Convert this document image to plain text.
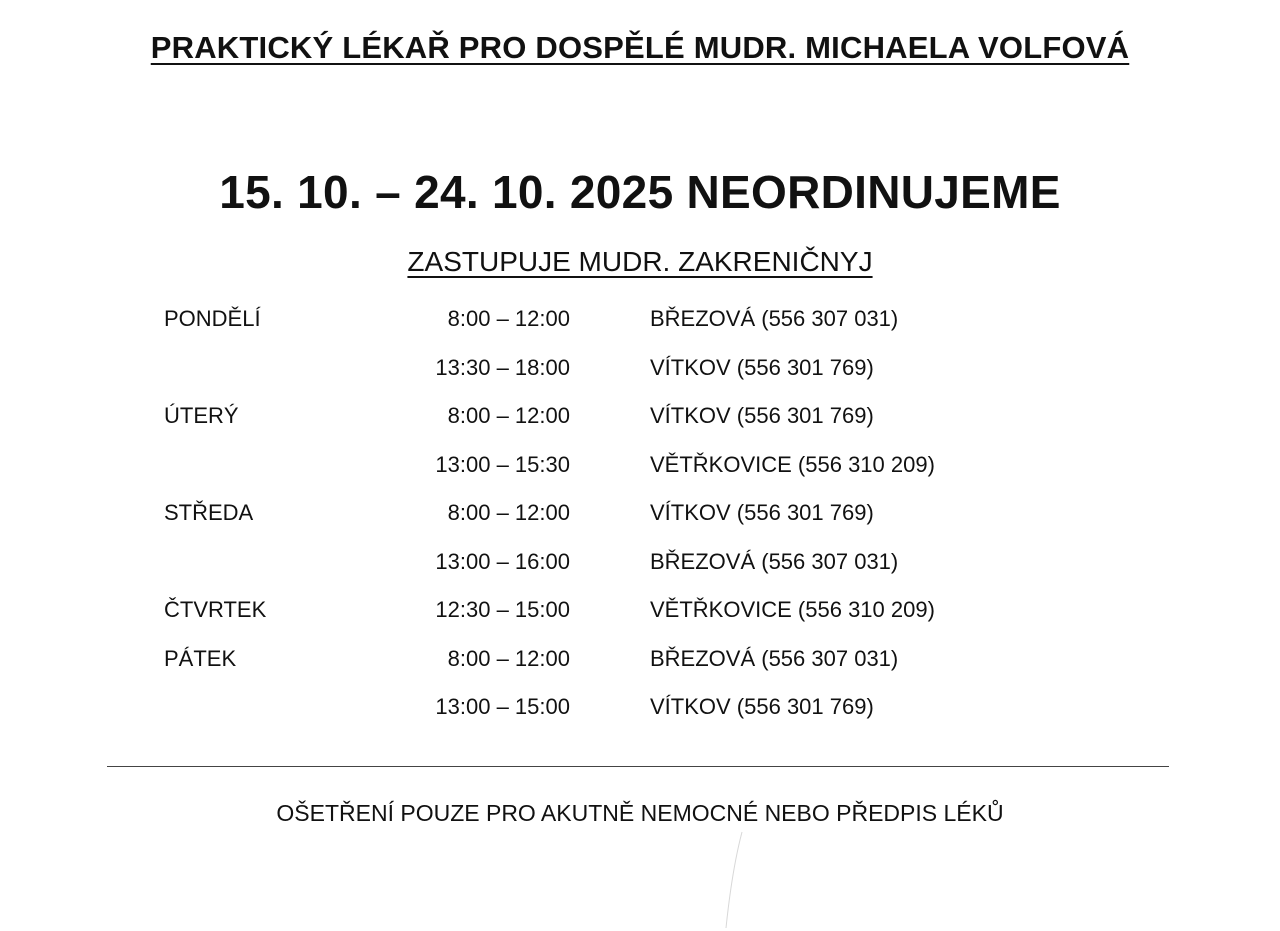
PRAKTICKÝ LÉKAŘ PRO DOSPĚLÉ MUDR. MICHAELA VOLFOVÁ
15. 10. – 24. 10. 2025 NEORDINUJEME
ZASTUPUJE MUDR. ZAKRENIČNYJ
PONDĚLÍ	8:00 – 12:00	BŘEZOVÁ (556 307 031)
13:30 – 18:00	VÍTKOV (556 301 769)
ÚTERÝ	8:00 – 12:00	VÍTKOV (556 301 769)
13:00 – 15:30	VĚTŘKOVICE (556 310 209)
STŘEDA	8:00 – 12:00	VÍTKOV (556 301 769)
13:00 – 16:00	BŘEZOVÁ (556 307 031)
ČTVRTEK	12:30 – 15:00	VĚTŘKOVICE (556 310 209)
PÁTEK	8:00 – 12:00	BŘEZOVÁ (556 307 031)
13:00 – 15:00	VÍTKOV (556 301 769)
OŠETŘENÍ POUZE PRO AKUTNĚ NEMOCNÉ NEBO PŘEDPIS LÉKŮ
